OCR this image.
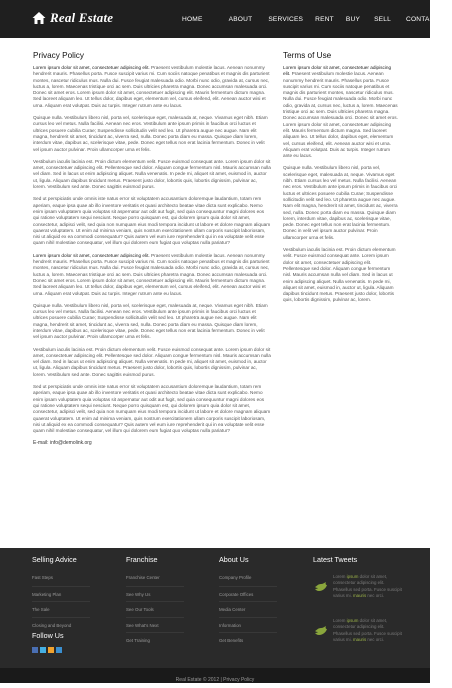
Real Estate	HOME	ABOUT SERVICES RENT BUY SELL CONTACT
Privacy Policy

Lorem ipsum dolor sit amet, consectetuer adipiscing elit. Praesent vestibulum molestie lacus. Aenean nonummy hendrerit mauris. Phasellus porta. Fusce suscipit varius mi. Cum sociis natoque penatibus et magnis dis parturient montes, nascetur ridiculus mus. Nulla dui. Fusce feugiat malesuada odio. Morbi nunc odio, gravida at, cursus nec, luctus a, lorem. Maecenas tristique orci ac sem. Duis ultricies pharetra magna. Donec accumsan malesuada orci. Donec sit amet eros. Lorem ipsum dolor sit amet, consectetuer adipiscing elit. Mauris fermentum dictum magna. Sed laoreet aliquam leo. Ut tellus dolor, dapibus eget, elementum vel, cursus eleifend, elit. Aenean auctor wisi et urna. Aliquam erat volutpat. Duis ac turpis. Integer rutrum ante eu lacus.

Quisque nulla. Vestibulum libero nisl, porta vel, scelerisque eget, malesuada at, neque. Vivamus eget nibh. Etiam cursus leo vel metus. Nulla facilisi. Aenean nec eros. Vestibulum ante ipsum primis in faucibus orci luctus et ultrices posuere cubilia Curae; Suspendisse sollicitudin velit sed leo. Ut pharetra augue nec augue. Nam elit magna, hendrerit sit amet, tincidunt ac, viverra sed, nulla. Donec porta diam eu massa. Quisque diam lorem, interdum vitae, dapibus ac, scelerisque vitae, pede. Donec eget tellus non erat lacinia fermentum. Donec in velit vel ipsum auctor pulvinar. Proin ullamcorper urna et felis.

Vestibulum iaculis lacinia est. Proin dictum elementum velit. Fusce euismod consequat ante. Lorem ipsum dolor sit amet, consectetuer adipiscing elit. Pellentesque sed dolor. Aliquam congue fermentum nisl. Mauris accumsan nulla vel diam. Sed in lacus ut enim adipiscing aliquet. Nulla venenatis. In pede mi, aliquet sit amet, euismod in, auctor ut, ligula. Aliquam dapibus tincidunt metus. Praesent justo dolor, lobortis quis, lobortis dignissim, pulvinar ac, lorem. Vestibulum sed ante. Donec sagittis euismod purus.

Sed ut perspiciatis unde omnis iste natus error sit voluptatem accusantium doloremque laudantium, totam rem aperiam, eaque ipsa quae ab illo inventore veritatis et quasi architecto beatae vitae dicta sunt explicabo. Nemo enim ipsam voluptatem quia voluptas sit aspernatur aut odit aut fugit, sed quia consequuntur magni dolores eos qui ratione voluptatem sequi nesciunt. Neque porro quisquam est, qui dolorem ipsum quia dolor sit amet, consectetur, adipisci velit, sed quia non numquam eius modi tempora incidunt ut labore et dolore magnam aliquam quaerat voluptatem. Ut enim ad minima veniam, quis nostrum exercitationem ullam corporis suscipit laboriosam, nisi ut aliquid ex ea commodi consequatur? Quis autem vel eum iure reprehenderit qui in ea voluptate velit esse quam nihil molestiae consequatur, vel illum qui dolorem eum fugiat quo voluptas nulla pariatur?

Lorem ipsum dolor sit amet, consectetuer adipiscing elit. Praesent vestibulum molestie lacus. Aenean nonummy hendrerit mauris. Phasellus porta. Fusce suscipit varius mi. Cum sociis natoque penatibus et magnis dis parturient montes, nascetur ridiculus mus. Nulla dui. Fusce feugiat malesuada odio. Morbi nunc odio, gravida at, cursus nec, luctus a, lorem. Maecenas tristique orci ac sem. Duis ultricies pharetra magna. Donec accumsan malesuada orci. Donec sit amet eros. Lorem ipsum dolor sit amet, consectetuer adipiscing elit. Mauris fermentum dictum magna. Sed laoreet aliquam leo. Ut tellus dolor, dapibus eget, elementum vel, cursus eleifend, elit. Aenean auctor wisi et urna. Aliquam erat volutpat. Duis ac turpis. Integer rutrum ante eu lacus.

Quisque nulla. Vestibulum libero nisl, porta vel, scelerisque eget, malesuada at, neque. Vivamus eget nibh. Etiam cursus leo vel metus. Nulla facilisi. Aenean nec eros. Vestibulum ante ipsum primis in faucibus orci luctus et ultrices posuere cubilia Curae; Suspendisse sollicitudin velit sed leo. Ut pharetra augue nec augue. Nam elit magna, hendrerit sit amet, tincidunt ac, viverra sed, nulla. Donec porta diam eu massa. Quisque diam lorem, interdum vitae, dapibus ac, scelerisque vitae, pede. Donec eget tellus non erat lacinia fermentum. Donec in velit vel ipsum auctor pulvinar. Proin ullamcorper urna et felis.

Vestibulum iaculis lacinia est. Proin dictum elementum velit. Fusce euismod consequat ante. Lorem ipsum dolor sit amet, consectetuer adipiscing elit. Pellentesque sed dolor. Aliquam congue fermentum nisl. Mauris accumsan nulla vel diam. Sed in lacus ut enim adipiscing aliquet. Nulla venenatis. In pede mi, aliquet sit amet, euismod in, auctor ut, ligula. Aliquam dapibus tincidunt metus. Praesent justo dolor, lobortis quis, lobortis dignissim, pulvinar ac, lorem. Vestibulum sed ante. Donec sagittis euismod purus.

Sed ut perspiciatis unde omnis iste natus error sit voluptatem accusantium doloremque laudantium, totam rem aperiam, eaque ipsa quae ab illo inventore veritatis et quasi architecto beatae vitae dicta sunt explicabo. Nemo enim ipsam voluptatem quia voluptas sit aspernatur aut odit aut fugit, sed quia consequuntur magni dolores eos qui ratione voluptatem sequi nesciunt. Neque porro quisquam est, qui dolorem ipsum quia dolor sit amet, consectetur, adipisci velit, sed quia non numquam eius modi tempora incidunt ut labore et dolore magnam aliquam quaerat voluptatem. Ut enim ad minima veniam, quis nostrum exercitationem ullam corporis suscipit laboriosam, nisi ut aliquid ex ea commodi consequatur? Quis autem vel eum iure reprehenderit qui in ea voluptate velit esse quam nihil molestiae consequatur, vel illum qui dolorem eum fugiat quo voluptas nulla pariatur?

E-mail: info@demolink.org
Terms of Use

Lorem ipsum dolor sit amet, consectetuer adipiscing elit. Praesent vestibulum molestie lacus. Aenean nonummy hendrerit mauris. Phasellus porta. Fusce suscipit varius mi. Cum sociis natoque penatibus et magnis dis parturient montes, nascetur ridiculus mus. Nulla dui. Fusce feugiat malesuada odio. Morbi nunc odio, gravida at, cursus nec, luctus a, lorem. Maecenas tristique orci ac sem. Duis ultricies pharetra magna. Donec accumsan malesuada orci. Donec sit amet eros. Lorem ipsum dolor sit amet, consectetuer adipiscing elit. Mauris fermentum dictum magna. Sed laoreet aliquam leo. Ut tellus dolor, dapibus eget, elementum vel, cursus eleifend, elit. Aenean auctor wisi et urna. Aliquam erat volutpat. Duis ac turpis. Integer rutrum ante eu lacus.

Quisque nulla. Vestibulum libero nisl, porta vel, scelerisque eget, malesuada at, neque. Vivamus eget nibh. Etiam cursus leo vel metus. Nulla facilisi. Aenean nec eros. Vestibulum ante ipsum primis in faucibus orci luctus et ultrices posuere cubilia Curae; Suspendisse sollicitudin velit sed leo. Ut pharetra augue nec augue. Nam elit magna, hendrerit sit amet, tincidunt ac, viverra sed, nulla. Donec porta diam eu massa. Quisque diam lorem, interdum vitae, dapibus ac, scelerisque vitae, pede. Donec eget tellus non erat lacinia fermentum. Donec in velit vel ipsum auctor pulvinar. Proin ullamcorper urna et felis.

Vestibulum iaculis lacinia est. Proin dictum elementum velit. Fusce euismod consequat ante. Lorem ipsum dolor sit amet, consectetuer adipiscing elit. Pellentesque sed dolor. Aliquam congue fermentum nisl. Mauris accumsan nulla vel diam. Sed in lacus ut enim adipiscing aliquet. Nulla venenatis. In pede mi, aliquet sit amet, euismod in, auctor ut, ligula. Aliquam dapibus tincidunt metus. Praesent justo dolor, lobortis quis, lobortis dignissim, pulvinar ac, lorem.

Selling Advice
Fast Steps
Marketing Plan
The Sale
Closing and Beyond
Franchise
Franchise Center
See Why Us
See Our Tools
See What's Next
Get Training
About Us
Company Profile
Corporate Offices
Media Center
Information
Get Benefits
Follow Us
Latest Tweets

Lorem ipsum dolor sit amet, consectetur adipiscing elit. Phasellus sed porta. Fusce suscipit varius mi. mauris nec orci.

Lorem ipsum dolor sit amet, consectetur adipiscing elit. Phasellus sed porta. Fusce suscipit varius mi. mauris nec orci.

Real Estate © 2012 | Privacy Policy
